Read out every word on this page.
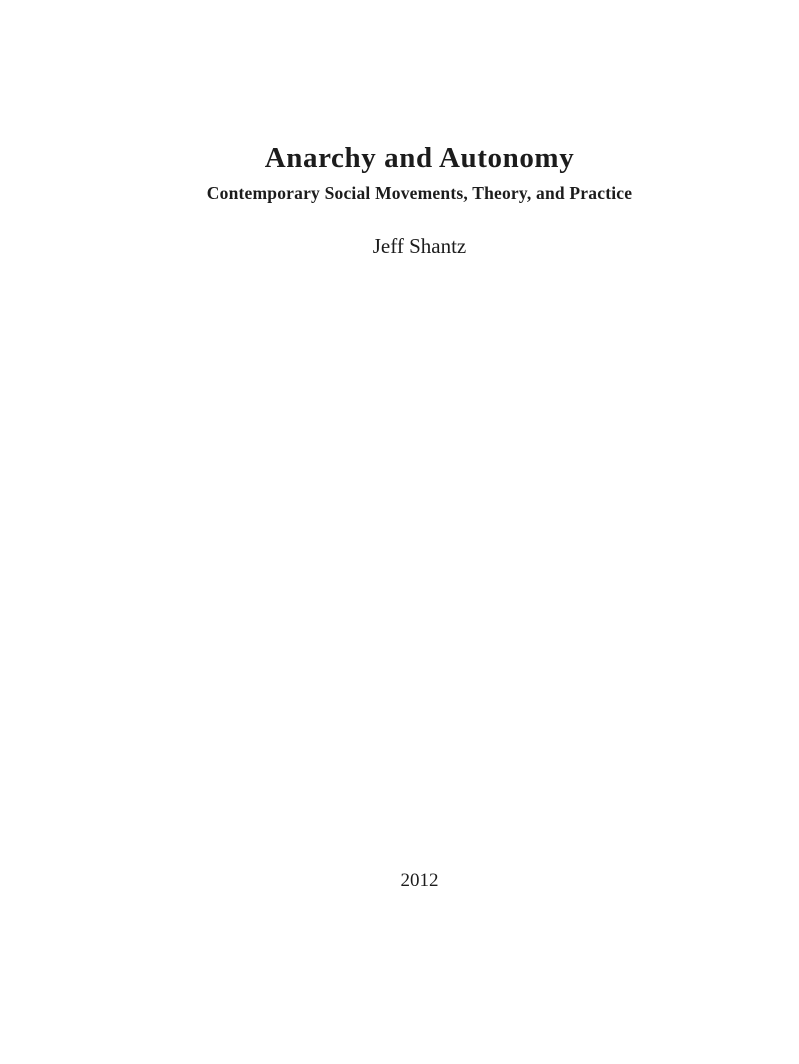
Anarchy and Autonomy
Contemporary Social Movements, Theory, and Practice
Jeff Shantz
2012
